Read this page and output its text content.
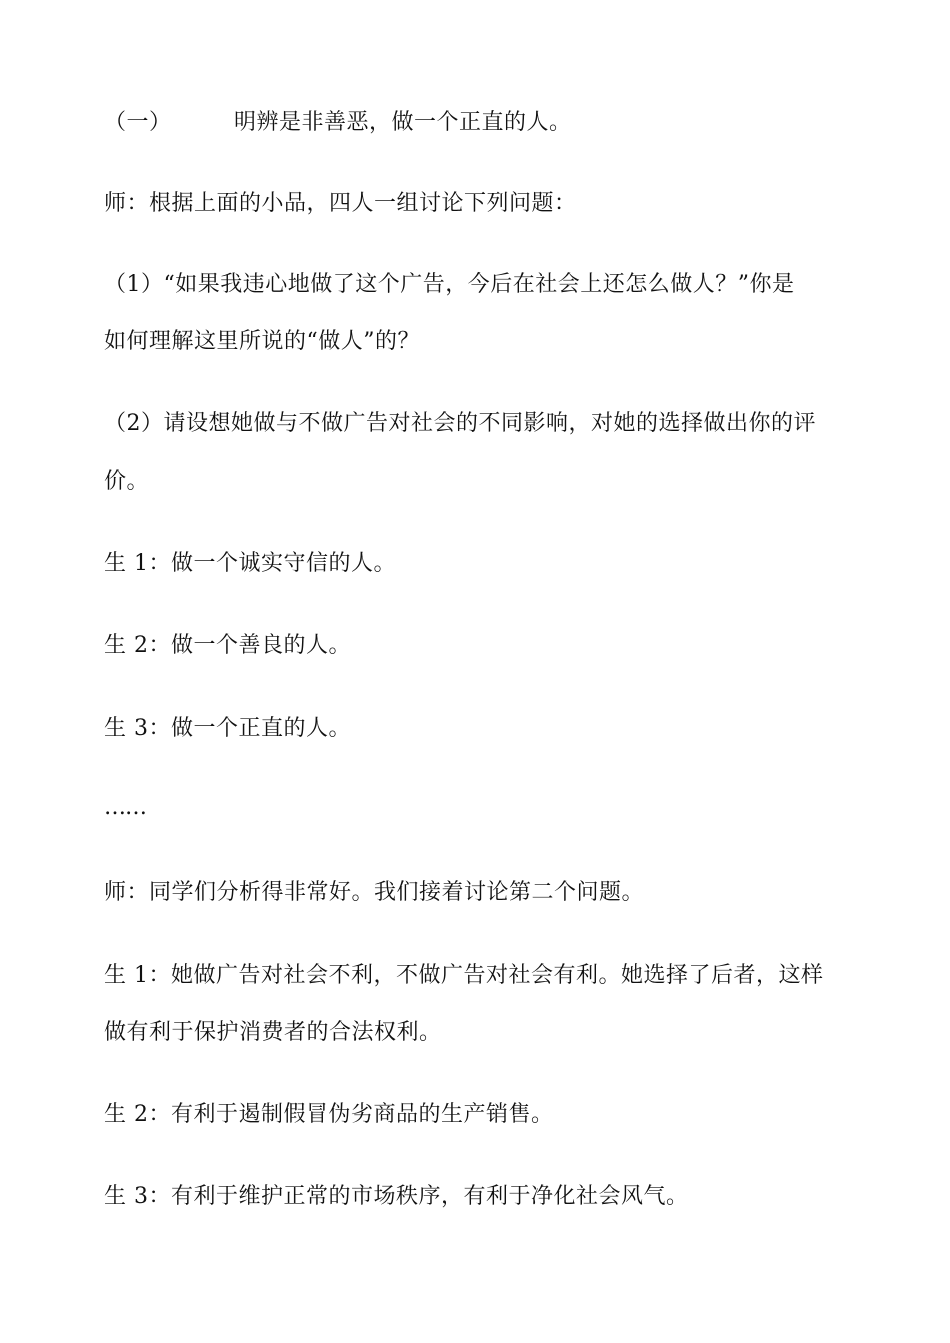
（一）	明辨是非善恶，做一个正直的人。
师：根据上面的小品，四人一组讨论下列问题：
（1）“如果我违心地做了这个广告，今后在社会上还怎么做人？”你是
如何理解这里所说的“做人”的？
（2）请设想她做与不做广告对社会的不同影响，对她的选择做出你的评
价。
生 1：做一个诚实守信的人。
生 2：做一个善良的人。
生 3：做一个正直的人。
……
师：同学们分析得非常好。我们接着讨论第二个问题。
生 1：她做广告对社会不利，不做广告对社会有利。她选择了后者，这样
做有利于保护消费者的合法权利。
生 2：有利于遏制假冒伪劣商品的生产销售。
生 3：有利于维护正常的市场秩序，有利于净化社会风气。
